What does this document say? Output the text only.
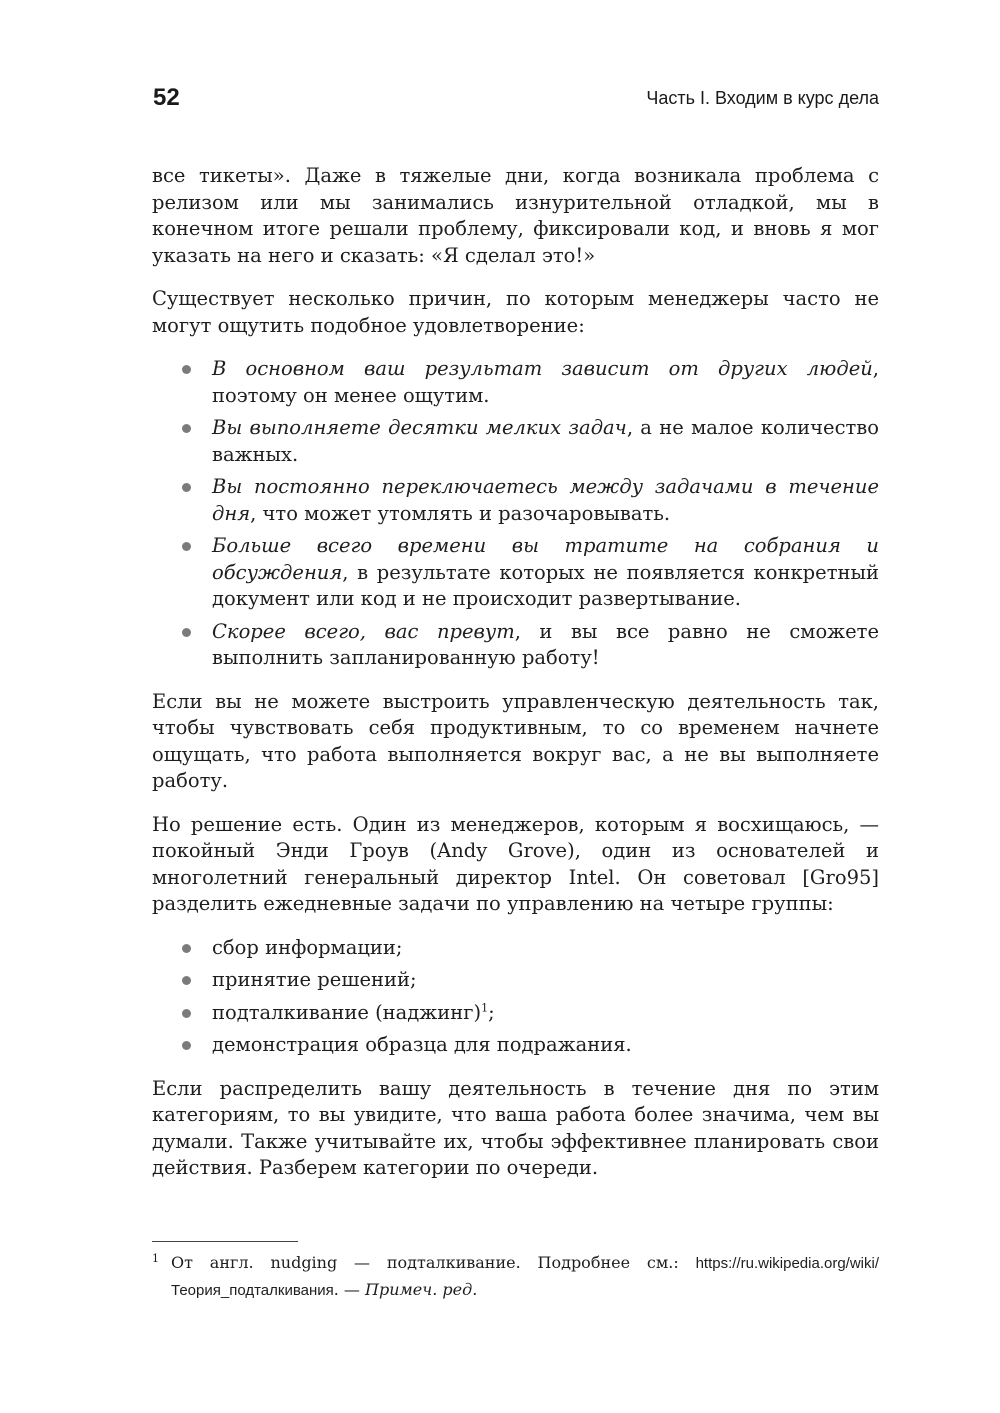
52	Часть I. Входим в курс дела

все тикеты». Даже в тяжелые дни, когда возникала проблема с релизом или мы занимались изнурительной отладкой, мы в конечном итоге решали проблему, фиксировали код, и вновь я мог указать на него и сказать: «Я сделал это!»

Существует несколько причин, по которым менеджеры часто не могут ощутить подобное удовлетворение:

В основном ваш результат зависит от других людей, поэтому он менее ощутим.
Вы выполняете десятки мелких задач, а не малое количество важных.
Вы постоянно переключаетесь между задачами в течение дня, что может утомлять и разочаровывать.
Больше всего времени вы тратите на собрания и обсуждения, в результате которых не появляется конкретный документ или код и не происходит развертывание.
Скорее всего, вас превут, и вы все равно не сможете выполнить запланированную работу!

Если вы не можете выстроить управленческую деятельность так, чтобы чувствовать себя продуктивным, то со временем начнете ощущать, что работа выполняется вокруг вас, а не вы выполняете работу.

Но решение есть. Один из менеджеров, которым я восхищаюсь, — покойный Энди Гроув (Andy Grove), один из основателей и многолетний генеральный директор Intel. Он советовал [Gro95] разделить ежедневные задачи по управлению на четыре группы:

сбор информации;
принятие решений;
подталкивание (наджинг)$^1$;
демонстрация образца для подражания.

Если распределить вашу деятельность в течение дня по этим категориям, то вы увидите, что ваша работа более значима, чем вы думали. Также учитывайте их, чтобы эффективнее планировать свои действия. Разберем категории по очереди.

1 От англ. nudging — подталкивание. Подробнее см.: https://ru.wikipedia.org/wiki/Теория_подталкивания. — Примеч. ред.
